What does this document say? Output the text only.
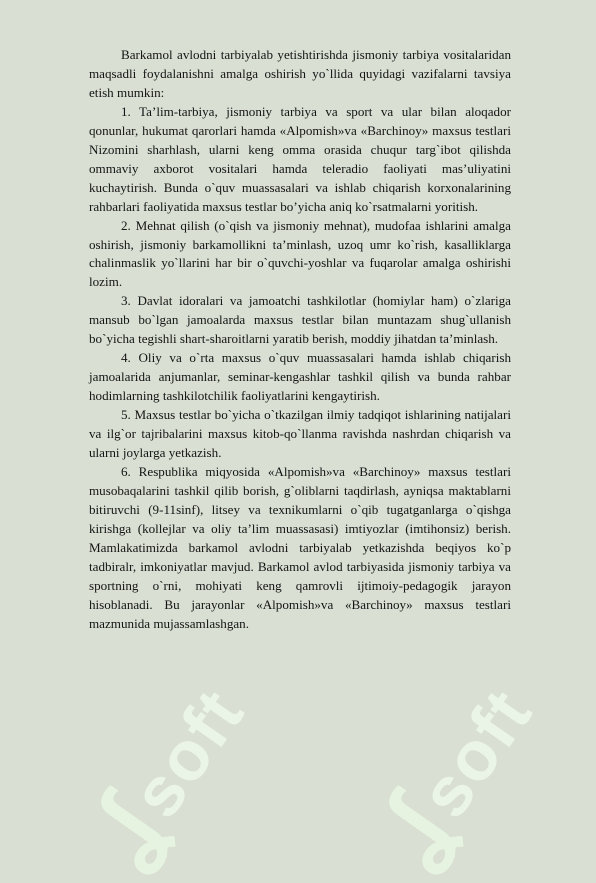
ʆsoft ʆsoft

Barkamol avlodni tarbiyalab yetishtirishda jismoniy tarbiya vositalaridan maqsadli foydalanishni amalga oshirish yo`llida quyidagi vazifalarni tavsiya etish mumkin:

1. Ta’lim-tarbiya, jismoniy tarbiya va sport va ular bilan aloqador qonunlar, hukumat qarorlari hamda «Alpomish»va «Barchinoy» maxsus testlari Nizomini sharhlash, ularni keng omma orasida chuqur targ`ibot qilishda ommaviy axborot vositalari hamda teleradio faoliyati mas’uliyatini kuchaytirish. Bunda o`quv muassasalari va ishlab chiqarish korxonalarining rahbarlari faoliyatida maxsus testlar bo’yicha aniq ko`rsatmalarni yoritish.

2. Mehnat qilish (o`qish va jismoniy mehnat), mudofaa ishlarini amalga oshirish, jismoniy barkamollikni ta’minlash, uzoq umr ko`rish, kasalliklarga chalinmaslik yo`llarini har bir o`quvchi-yoshlar va fuqarolar amalga oshirishi lozim.

3. Davlat idoralari va jamoatchi tashkilotlar (homiylar ham) o`zlariga mansub bo`lgan jamoalarda maxsus testlar bilan muntazam shug`ullanish bo`yicha tegishli shart-sharoitlarni yaratib berish, moddiy jihatdan ta’minlash.

4. Oliy va o`rta maxsus o`quv muassasalari hamda ishlab chiqarish jamoalarida anjumanlar, seminar-kengashlar tashkil qilish va bunda rahbar hodimlarning tashkilotchilik faoliyatlarini kengaytirish.

5. Maxsus testlar bo`yicha o`tkazilgan ilmiy tadqiqot ishlarining natijalari va ilg`or tajribalarini maxsus kitob-qo`llanma ravishda nashrdan chiqarish va ularni joylarga yetkazish.

6. Respublika miqyosida «Alpomish»va «Barchinoy» maxsus testlari musobaqalarini tashkil qilib borish, g`oliblarni taqdirlash, ayniqsa maktablarni bitiruvchi (9-11sinf), litsey va texnikumlarni o`qib tugatganlarga o`qishga kirishga (kollejlar va oliy ta’lim muassasasi) imtiyozlar (imtihonsiz) berish. Mamlakatimizda barkamol avlodni tarbiyalab yetkazishda beqiyos ko`p tadbiralr, imkoniyatlar mavjud. Barkamol avlod tarbiyasida jismoniy tarbiya va sportning o`rni, mohiyati keng qamrovli ijtimoiy-pedagogik jarayon hisoblanadi. Bu jarayonlar «Alpomish»va «Barchinoy» maxsus testlari mazmunida mujassamlashgan.
